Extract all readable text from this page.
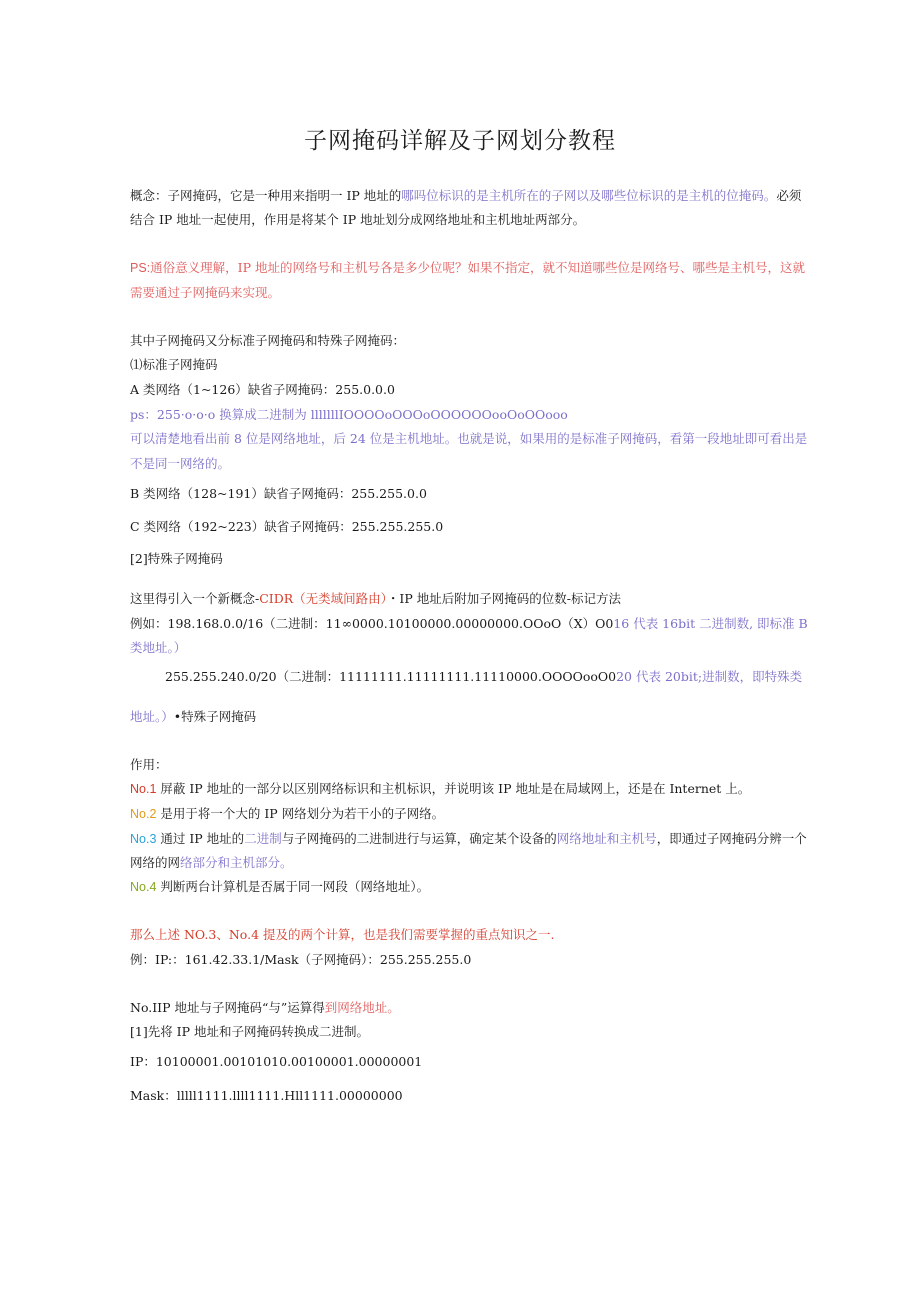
子网掩码详解及子网划分教程
概念：子网掩码，它是一种用来指明一 IP 地址的哪吗位标识的是主机所在的子网以及哪些位标识的是主机的位掩码。必须
结合 IP 地址一起使用，作用是将某个 IP 地址划分成网络地址和主机地址两部分。
PS:通俗意义理解，IP 地址的网络号和主机号各是多少位呢？如果不指定，就不知道哪些位是网络号、哪些是主机号，这就
需要通过子网掩码来实现。
其中子网掩码又分标准子网掩码和特殊子网掩码：
⑴标准子网掩码
A 类网络（1~126）缺省子网掩码：255.0.0.0
ps：255·o·o·o 换算成二进制为 lllllllIOOOOoOOOoOOOOOOooOoOOooo
可以清楚地看出前 8 位是网络地址，后 24 位是主机地址。也就是说，如果用的是标准子网掩码，看第一段地址即可看出是
不是同一网络的。
B 类网络（128~191）缺省子网掩码：255.255.0.0
C 类网络（192~223）缺省子网掩码：255.255.255.0
[2]特殊子网掩码
这里得引入一个新概念-CIDR（无类域间路由）・IP 地址后附加子网掩码的位数-标记方法
例如：198.168.0.0/16（二进制：11∞0000.10100000.00000000.OOoO（X）O016 代表 16bit 二进制数, 即标准 B
类地址。）
255.255.240.0/20（二进制：11111111.11111111.11110000.OOOOooO020 代表 20bit;进制数，即特殊类
地址。）•特殊子网掩码
作用：
No.1 屏蔽 IP 地址的一部分以区别网络标识和主机标识，并说明该 IP 地址是在局域网上，还是在 Internet 上。
No.2 是用于将一个大的 IP 网络划分为若干小的子网络。
No.3 通过 IP 地址的二进制与子网掩码的二进制进行与运算，确定某个设备的网络地址和主机号，即通过子网掩码分辨一个
网络的网络部分和主机部分。
No.4 判断两台计算机是否属于同一网段（网络地址）。
那么上述 NO.3、No.4 提及的两个计算，也是我们需要掌握的重点知识之一.
例：IP:：161.42.33.1/Mask（子网掩码）：255.255.255.0
No.IIP 地址与子网掩码“与”运算得到网络地址。
[1]先将 IP 地址和子网掩码转换成二进制。
IP：10100001.00101010.00100001.00000001
Mask：lllll1111.llll1111.Hll1111.00000000
